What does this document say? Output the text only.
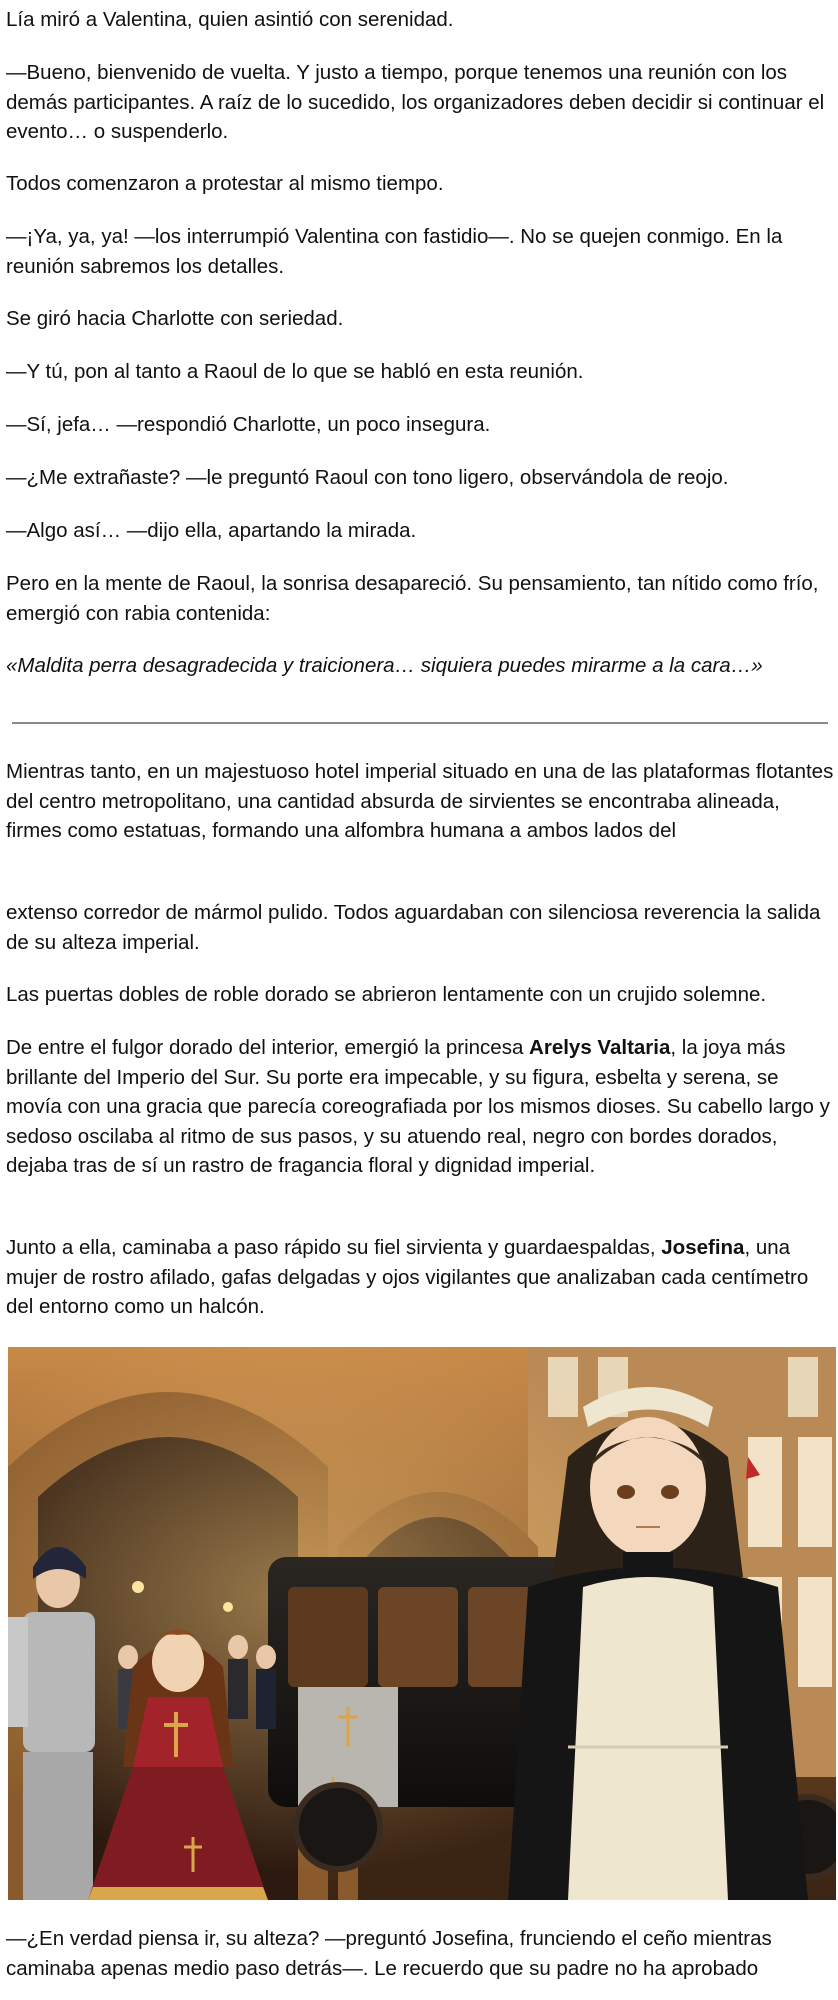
Lía miró a Valentina, quien asintió con serenidad.

—Bueno, bienvenido de vuelta. Y justo a tiempo, porque tenemos una reunión con los demás participantes. A raíz de lo sucedido, los organizadores deben decidir si continuar el evento… o suspenderlo.

Todos comenzaron a protestar al mismo tiempo.

—¡Ya, ya, ya! —los interrumpió Valentina con fastidio—. No se quejen conmigo. En la reunión sabremos los detalles.

Se giró hacia Charlotte con seriedad.

—Y tú, pon al tanto a Raoul de lo que se habló en esta reunión.

—Sí, jefa… —respondió Charlotte, un poco insegura.

—¿Me extrañaste? —le preguntó Raoul con tono ligero, observándola de reojo.

—Algo así… —dijo ella, apartando la mirada.

Pero en la mente de Raoul, la sonrisa desapareció. Su pensamiento, tan nítido como frío, emergió con rabia contenida:

«Maldita perra desagradecida y traicionera… siquiera puedes mirarme a la cara…»

Mientras tanto, en un majestuoso hotel imperial situado en una de las plataformas flotantes del centro metropolitano, una cantidad absurda de sirvientes se encontraba alineada, firmes como estatuas, formando una alfombra humana a ambos lados del

extenso corredor de mármol pulido. Todos aguardaban con silenciosa reverencia la salida de su alteza imperial.

Las puertas dobles de roble dorado se abrieron lentamente con un crujido solemne.

De entre el fulgor dorado del interior, emergió la princesa Arelys Valtaria, la joya más brillante del Imperio del Sur. Su porte era impecable, y su figura, esbelta y serena, se movía con una gracia que parecía coreografiada por los mismos dioses. Su cabello largo y sedoso oscilaba al ritmo de sus pasos, y su atuendo real, negro con bordes dorados, dejaba tras de sí un rastro de fragancia floral y dignidad imperial.

Junto a ella, caminaba a paso rápido su fiel sirvienta y guardaespaldas, Josefina, una mujer de rostro afilado, gafas delgadas y ojos vigilantes que analizaban cada centímetro del entorno como un halcón.

—¿En verdad piensa ir, su alteza? —preguntó Josefina, frunciendo el ceño mientras caminaba apenas medio paso detrás—. Le recuerdo que su padre no ha aprobado
